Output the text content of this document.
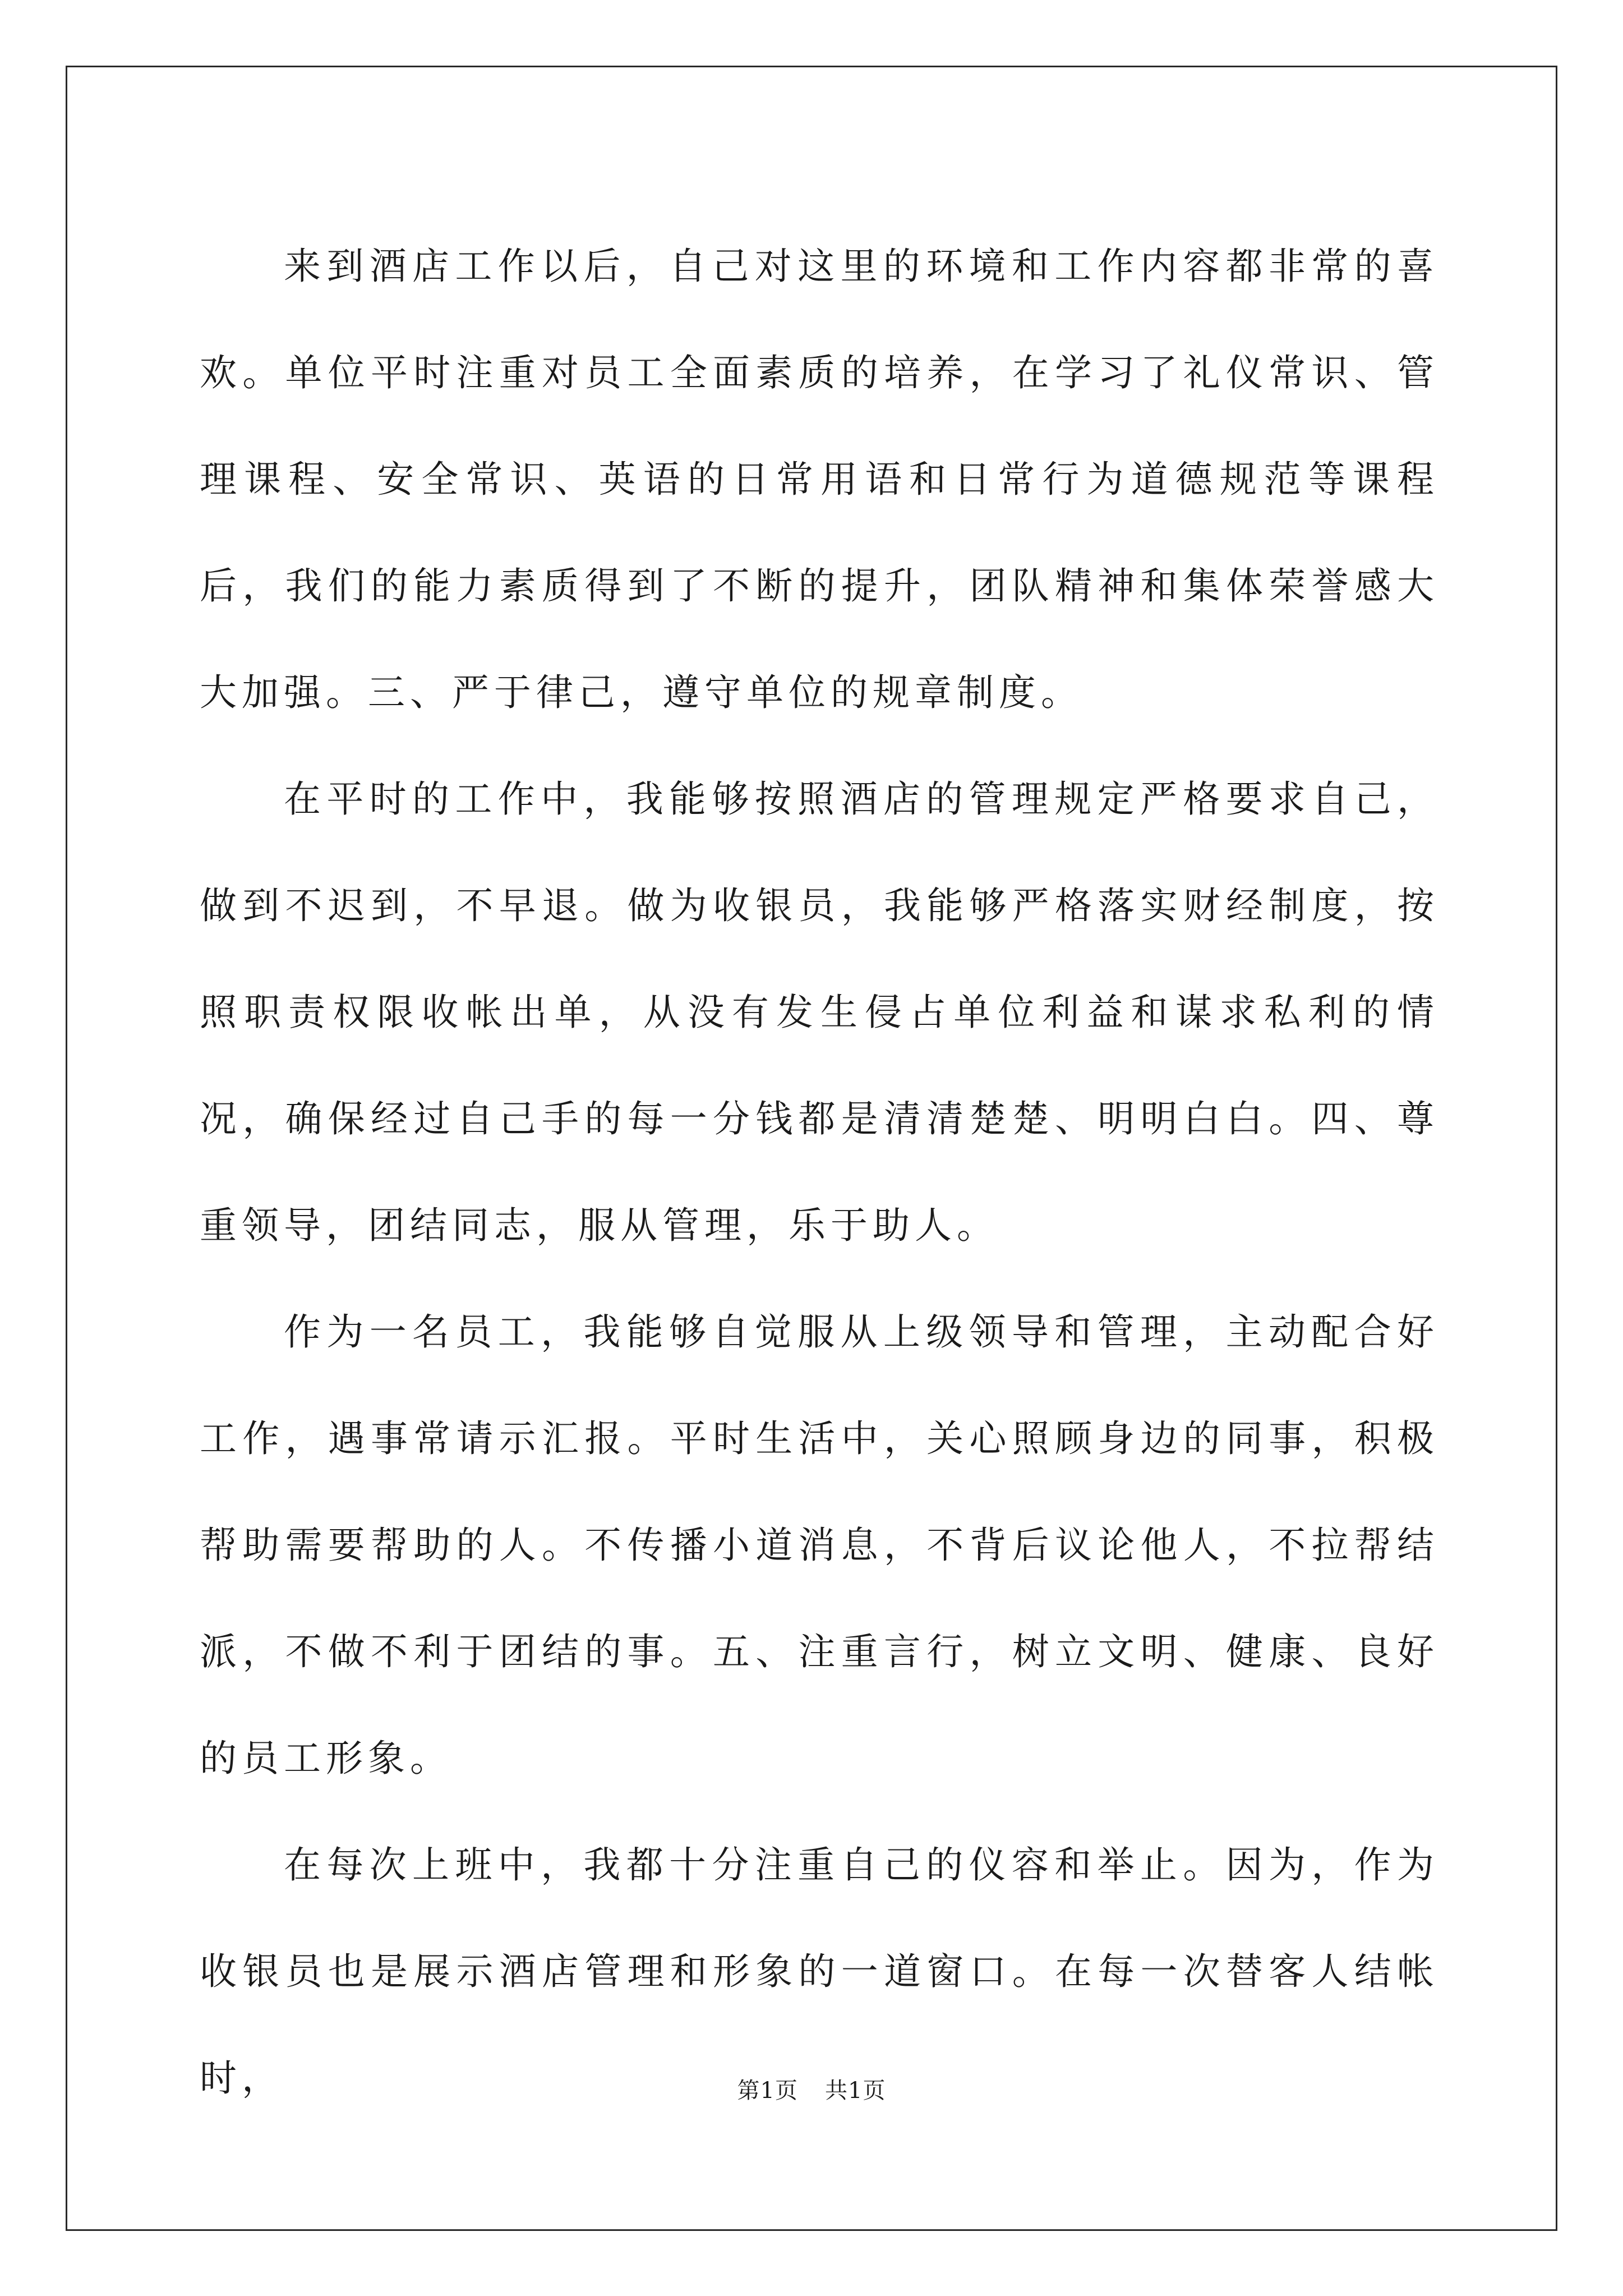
来到酒店工作以后，自己对这里的环境和工作内容都非常的喜欢。单位平时注重对员工全面素质的培养，在学习了礼仪常识、管理课程、安全常识、英语的日常用语和日常行为道德规范等课程后，我们的能力素质得到了不断的提升，团队精神和集体荣誉感大大加强。三、严于律己，遵守单位的规章制度。

在平时的工作中，我能够按照酒店的管理规定严格要求自己，做到不迟到，不早退。做为收银员，我能够严格落实财经制度，按照职责权限收帐出单，从没有发生侵占单位利益和谋求私利的情况，确保经过自己手的每一分钱都是清清楚楚、明明白白。四、尊重领导，团结同志，服从管理，乐于助人。

作为一名员工，我能够自觉服从上级领导和管理，主动配合好工作，遇事常请示汇报。平时生活中，关心照顾身边的同事，积极帮助需要帮助的人。不传播小道消息，不背后议论他人，不拉帮结派，不做不利于团结的事。五、注重言行，树立文明、健康、良好的员工形象。

在每次上班中，我都十分注重自己的仪容和举止。因为，作为收银员也是展示酒店管理和形象的一道窗口。在每一次替客人结帐时，	第1页 共1页
